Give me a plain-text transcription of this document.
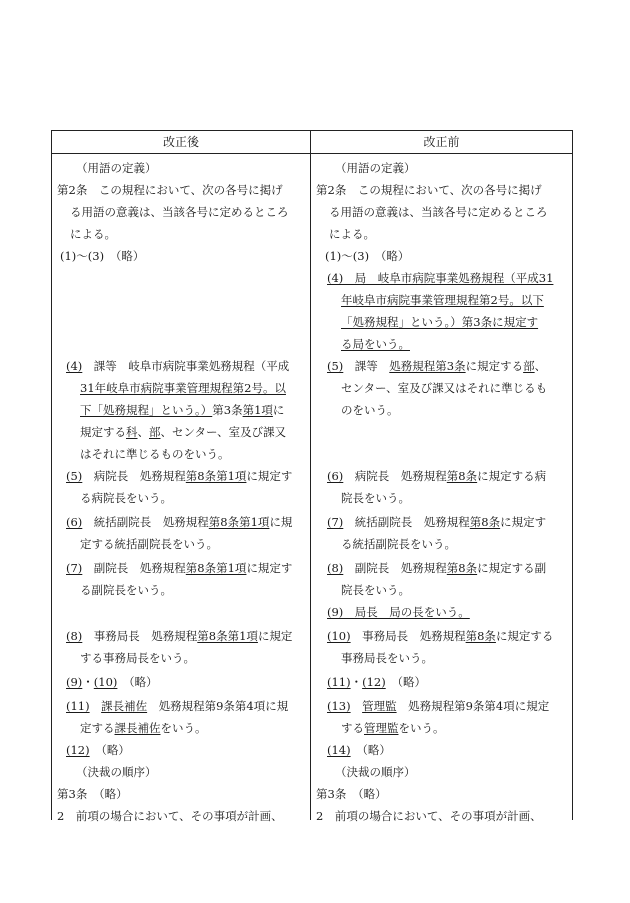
改正後	改正前
（用語の定義）
第2条　この規程において、次の各号に掲げ
る用語の意義は、当該各号に定めるところ
による。
(1)～(3)　（略）
(4)　課等　岐阜市病院事業処務規程（平成
31年岐阜市病院事業管理規程第2号。以
下「処務規程」という。）第3条第1項に
規定する科、部、センター、室及び課又
はそれに準じるものをいう。
(5)　病院長　処務規程第8条第1項に規定す
る病院長をいう。
(6)　統括副院長　処務規程第8条第1項に規
定する統括副院長をいう。
(7)　副院長　処務規程第8条第1項に規定す
る副院長をいう。
(8)　事務局長　処務規程第8条第1項に規定
する事務局長をいう。
(9)・(10)　（略）
(11)　 課長補佐　処務規程第9条第4項に規
定する課長補佐をいう。
(12)　（略）
（決裁の順序）
第3条　（略）
2　前項の場合において、その事項が計画、
（用語の定義）
第2条　この規程において、次の各号に掲げ
る用語の意義は、当該各号に定めるところ
による。
(1)～(3)　（略）
(4)　局　岐阜市病院事業処務規程（平成31
年岐阜市病院事業管理規程第2号。以下
「処務規程」という。）第3条に規定す
る局をいう。
(5)　課等　処務規程第3条に規定する部、
センター、室及び課又はそれに準じるも
のをいう。
(6)　病院長　処務規程第8条に規定する病
院長をいう。
(7)　統括副院長　処務規程第8条に規定す
る統括副院長をいう。
(8)　副院長　処務規程第8条に規定する副
院長をいう。
(9)　局長　局の長をいう。
(10)　事務局長　処務規程第8条に規定する
事務局長をいう。
(11)・(12)　（略）
(13)　 管理監　処務規程第9条第4項に規定
する管理監をいう。
(14)　（略）
（決裁の順序）
第3条　（略）
2　前項の場合において、その事項が計画、
